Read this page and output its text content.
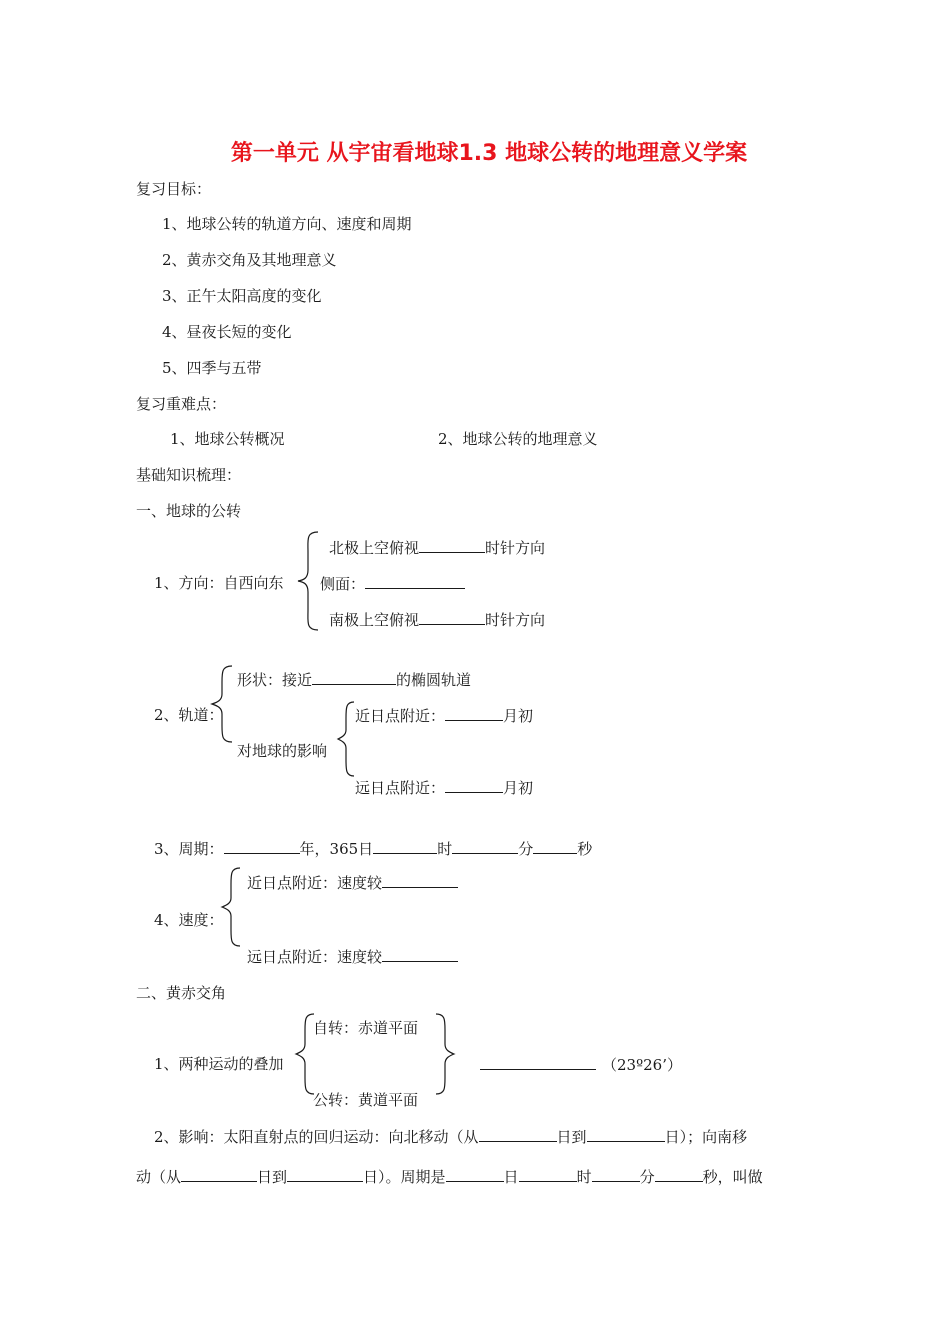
第一单元 从宇宙看地球1.3 地球公转的地理意义学案
复习目标：
1、地球公转的轨道方向、速度和周期
2、黄赤交角及其地理意义
3、正午太阳高度的变化
4、昼夜长短的变化
5、四季与五带
复习重难点：
1、地球公转概况	2、地球公转的地理意义
基础知识梳理：
一、地球的公转
1、方向：自西向东
北极上空俯视	时针方向
侧面：
南极上空俯视	时针方向
2、轨道：
形状：接近	的椭圆轨道
对地球的影响
近日点附近：	月初
远日点附近：	月初
3、周期：	年，365日	时	分	秒
4、速度：
近日点附近：速度较
远日点附近：速度较
二、黄赤交角
1、两种运动的叠加
自转：赤道平面
公转：黄道平面
（23º26’）
2、影响：太阳直射点的回归运动：向北移动（从	日到	日）；向南移
动（从	日到	日）。周期是	日	时	分	秒，叫做
